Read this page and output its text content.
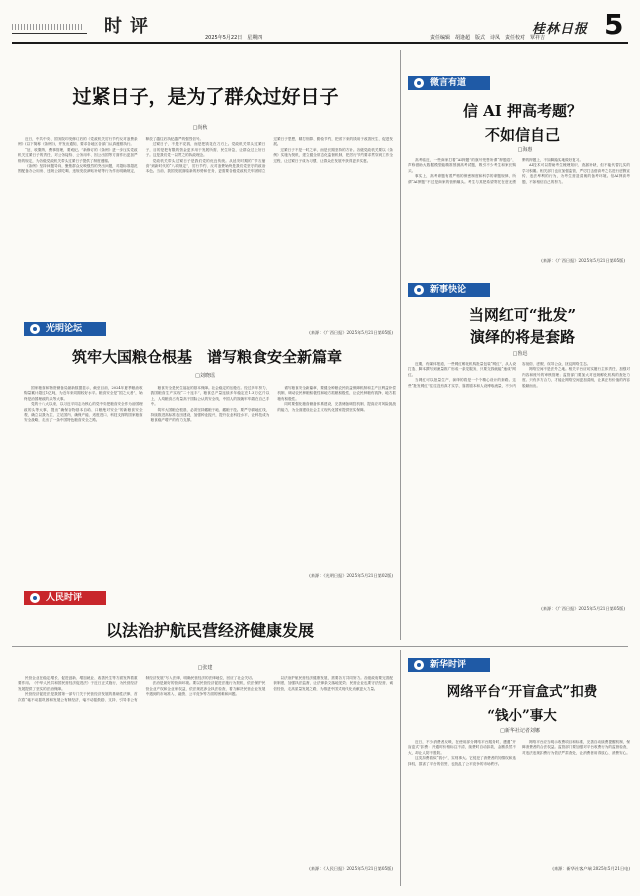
时评
2025年5月22日　星期四
桂林日报
责任编辑　胡逢超　版式　诗凤　责任校对　覃祥吉 5
过紧日子，是为了群众过好日子
□尚秋

近日，中共中央、国务院印发修订后的《党政机关厉行节约反对浪费条例》(以下简称《条例》)，并发出通知，要求各地区各部门认真遵照执行。

“征、收缴纳，费事管理，要戒纪。”新修订的《条例》进一步压实党政机关过紧日子的责任，对公务接待、公务用车、因公出国等方面作出更加严格的规定，为各级党政机关带头过紧日子提供了制度遵循。

《条例》坚持问题导向，聚焦群众反映强烈的突出问题，对超标准超范围配备办公用房、违规公款吃喝、违规发放津贴补贴等行为作出明确规定，释放了越往后执纪越严的强烈信号。

过紧日子，不是不花钱，而是把钱花在刀刃上。党政机关带头过紧日子，目的是把有限的资金更多用于发展所需、民生所急，让群众过上好日子。这是我们党一以贯之的执政理念。

党政机关带头过紧日子是我们党的优良传统。从延安时期的“节衣缩食”到新时代的“八项规定”，厉行节约、反对浪费始终是我们党坚守的政治本色。当前，我国发展面临新的形势和任务，更需要各级党政机关牢固树立过紧日子思想，精打细算、勤俭节约，把省下来的钱用于改善民生、促进发展。

过紧日子不是一时之举，而是长期坚持的方针。各级党政机关要以《条例》实施为契机，建立健全常态化监督机制，把厉行节约要求贯穿到工作全过程，让过紧日子成为习惯，让群众在发展中获得更多实惠。

(来源：《广西日报》2025年5月21日第05版)
微言有道
信 AI 押高考题？
不如信自己
□海惠

高考临近，一些商家打着“AI押题”的旗号兜售所谓“押题卷”，声称借助大数据模型能精准预测高考试题，吸引不少考生和家长购买。

事实上，高考命题有着严格的保密制度和科学的命题规律，所谓“AI押题”不过是商家的营销噱头。考生与其把希望寄托在虚无缥缈的押题上，不如脚踏实地做好复习。

AI技术可以帮助考生梳理知识、查漏补缺，但不能代替扎实的学习积累。相关部门也应加强监管，严厉打击借高考之名进行虚假宣传、违法牟利的行为，为考生营造清朗的备考环境。信AI押高考题，不如相信自己的努力。

(来源：《广西日报》2025年5月21日第05版)
光明论坛
筑牢大国粮仓根基　谱写粮食安全新篇章
□刘晓瑶

国家粮食和物资储备局最新数据显示，截至目前，2024年夏季粮油收购量累计超过1亿吨，为近年来同期较好水平。粮食安全是“国之大者”，始终是治国理政的头等大事。

党的十八大以来，以习近平同志为核心的党中央把粮食安全作为治国理政的头等大事，提出“确保谷物基本自给、口粮绝对安全”的新粮食安全观，确立以我为主、立足国内、确保产能、适度进口、科技支撑的国家粮食安全战略，走出了一条中国特色粮食安全之路。

粮食安全是民生福祉的基本保障。社会稳定的压舱石。经过多年努力，我国粮食生产实现“二十连丰”，粮食总产量连续多年稳定在1.3万亿斤以上，人均粮食占有量高于国际公认的安全线，中国人的饭碗牢牢端在自己手中。

筑牢大国粮仓根基，必须坚持藏粮于地、藏粮于技。要严守耕地红线，持续推进高标准农田建设，加强种业振兴，提升农业科技水平，让科技成为粮食稳产增产的有力支撑。

谱写粮食安全新篇章，要健全种粮农民收益保障机制和主产区利益补偿机制，调动农民种粮积极性和地方抓粮积极性，让农民种粮有钱挣、地方抓粮有积极性。

同时要强化粮食储备体系建设，完善储备调控机制，提高应对风险挑战的能力，为全面建设社会主义现代化国家提供坚实保障。

(来源：《光明日报》2025年5月21日第02版)
新事快论
当网红可“批发”
演绎的将是套路
□鲁迅

近期，有媒体报道，一些网红孵化机构批量包装“网红”，从人设打造、脚本撰写到流量推广形成一条龙服务，只要交钱就能“速成”网红。

当网红可以批量生产，演绎的将是一个个精心设计的套路。这些“批发网红”往往没有真才实学，靠着剧本和人设博取流量，不少内容低俗、虚假，误导公众，扰乱网络生态。

网络空间不是法外之地。相关平台应切实履行主体责任，加强对内容和账号的审核管理；监管部门要加大对违规孵化机构的查处力度。只有多方合力，才能让网络空间更加清朗，让真正有价值的内容脱颖而出。

(来源：《广西日报》2025年5月21日第05版)
人民时评
以法治护航民营经济健康发展
□张建

民营企业在稳定增长、促进创新、增加就业、改善民生等方面发挥着重要作用。《中华人民共和国民营经济促进法》于近日正式施行，为民营经济发展提供了坚实的法治保障。

民营经济促进法是我国第一部专门关于民营经济发展的基础性法律，首次将“毫不动摇巩固和发展公有制经济，毫不动摇鼓励、支持、引导非公有制经济发展”写入法律，明确民营经济的法律地位，回应了社会关切。

法治是最好的营商环境。要以民营经济促进法施行为契机，依法保护民营企业产权和企业家权益，依法规范涉企执法检查，着力解决民营企业发展中遇到的市场准入、融资、公平竞争等方面的困难和问题。

以法治护航民营经济健康发展，需要各方共同努力。各级政府要完善配套制度，加强执法监督，让法律条文落地见效；民营企业也要守法经营、诚信经营，走高质量发展之路，为推进中国式现代化贡献更大力量。

(来源：《人民日报》2025年5月21日第05版)
新华时评
网络平台“开盲盒式”扣费
“钱小”事大
□新华社记者刘娜

近日，不少消费者反映，在使用部分网络平台服务时，遭遇“开盲盒式”扣费：开通时价格标注不清，续费时自动扣款，金额虽然不大，却让人防不胜防。

这类扣费看似“钱小”，实则事大。它侵犯了消费者的知情权和选择权，损害了平台的信誉，也扰乱了公平竞争的市场秩序。

网络平台应当明示收费项目和标准，完善自动续费提醒机制，保障消费者的合法权益。监管部门要加强对平台收费行为的监督检查，对违法违规扣费行为依法严肃查处，让消费者用得放心、消费安心。

(来源：新华社客户端 2025年5月21日电)
